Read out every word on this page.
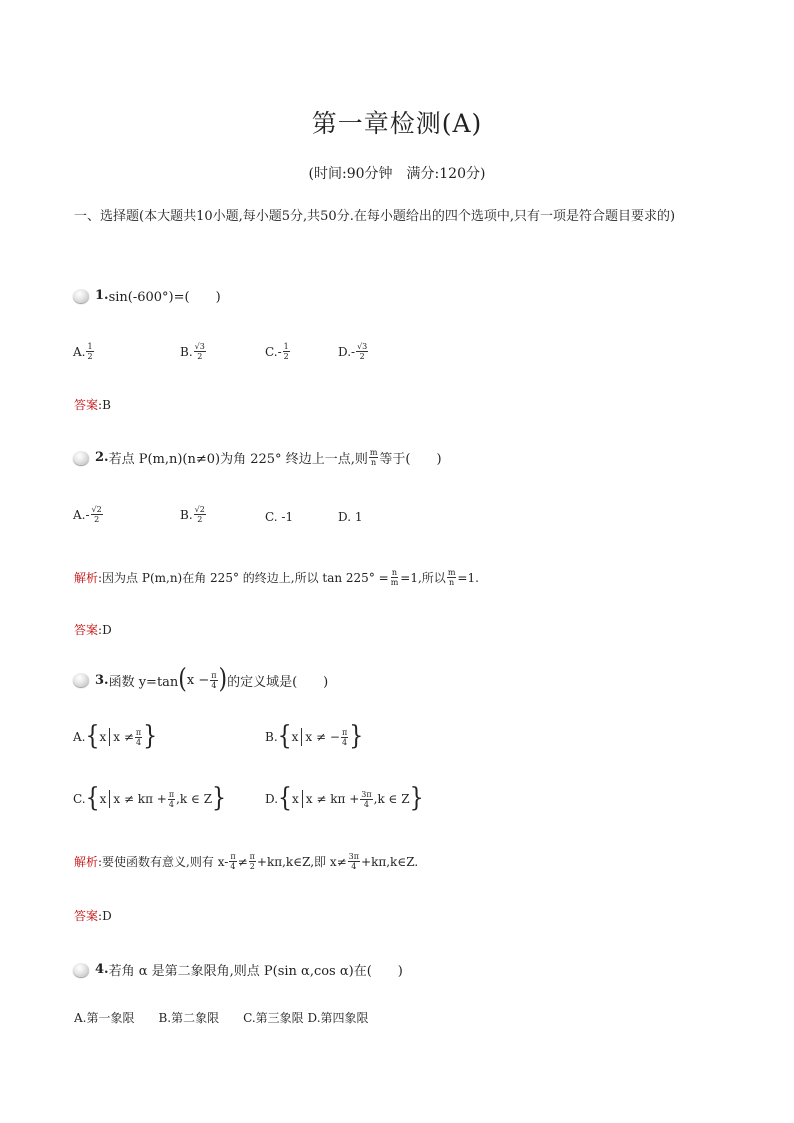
第一章检测(A)
(时间:90分钟　满分:120分)
一、选择题(本大题共10小题,每小题5分,共50分.在每小题给出的四个选项中,只有一项是符合题目要求的)
1. sin(-600°)=(　　)
A. $\frac{1}{2}$	B. $\frac{√3}{2}$	$C.- \frac{1}{2}$	$D.- \frac{√3}{2}$
答案:B
2. 若点 P(m,n)(n≠0)为角 225° 终边上一点,则 $\frac{m}{n}$ 等于(　　)
$A.- \frac{√2}{2}$	B. $\frac{√2}{2}$	C. -1	D. 1
解析 :因为点 P(m,n)在角 225° 的终边上,所以 $\tan 225^\circ = \frac{n}{m} =1$,所以 $\frac{m}{n} =1$.
答案:D
3. 函数 y=tan ( $x - \frac{\pi}{4}$ ) 的定义域是(　　)
A. { x $x \ne \frac{\pi}{4}$ }	B. { x x ≠ − $\frac{\pi}{4}$ }
C. { x $x \ne k\pi + \frac{\pi}{4} ,k$ ∈ Z }	D. { x $x \ne k\pi + \frac{3\pi}{4} ,k$ ∈ Z }
解析 :要使函数有意义,则有 $x- \frac{\pi}{4} \ne \frac{\pi}{2}$ +kπ,k∈Z,即 $x\ne \frac{3\pi}{4}$ +kπ,k∈Z.
答案:D
4. 若角 α 是第二象限角,则点 P(sin α,cos α)在(　　)
A.第一象限　　B.第二象限　　C.第三象限 D.第四象限
